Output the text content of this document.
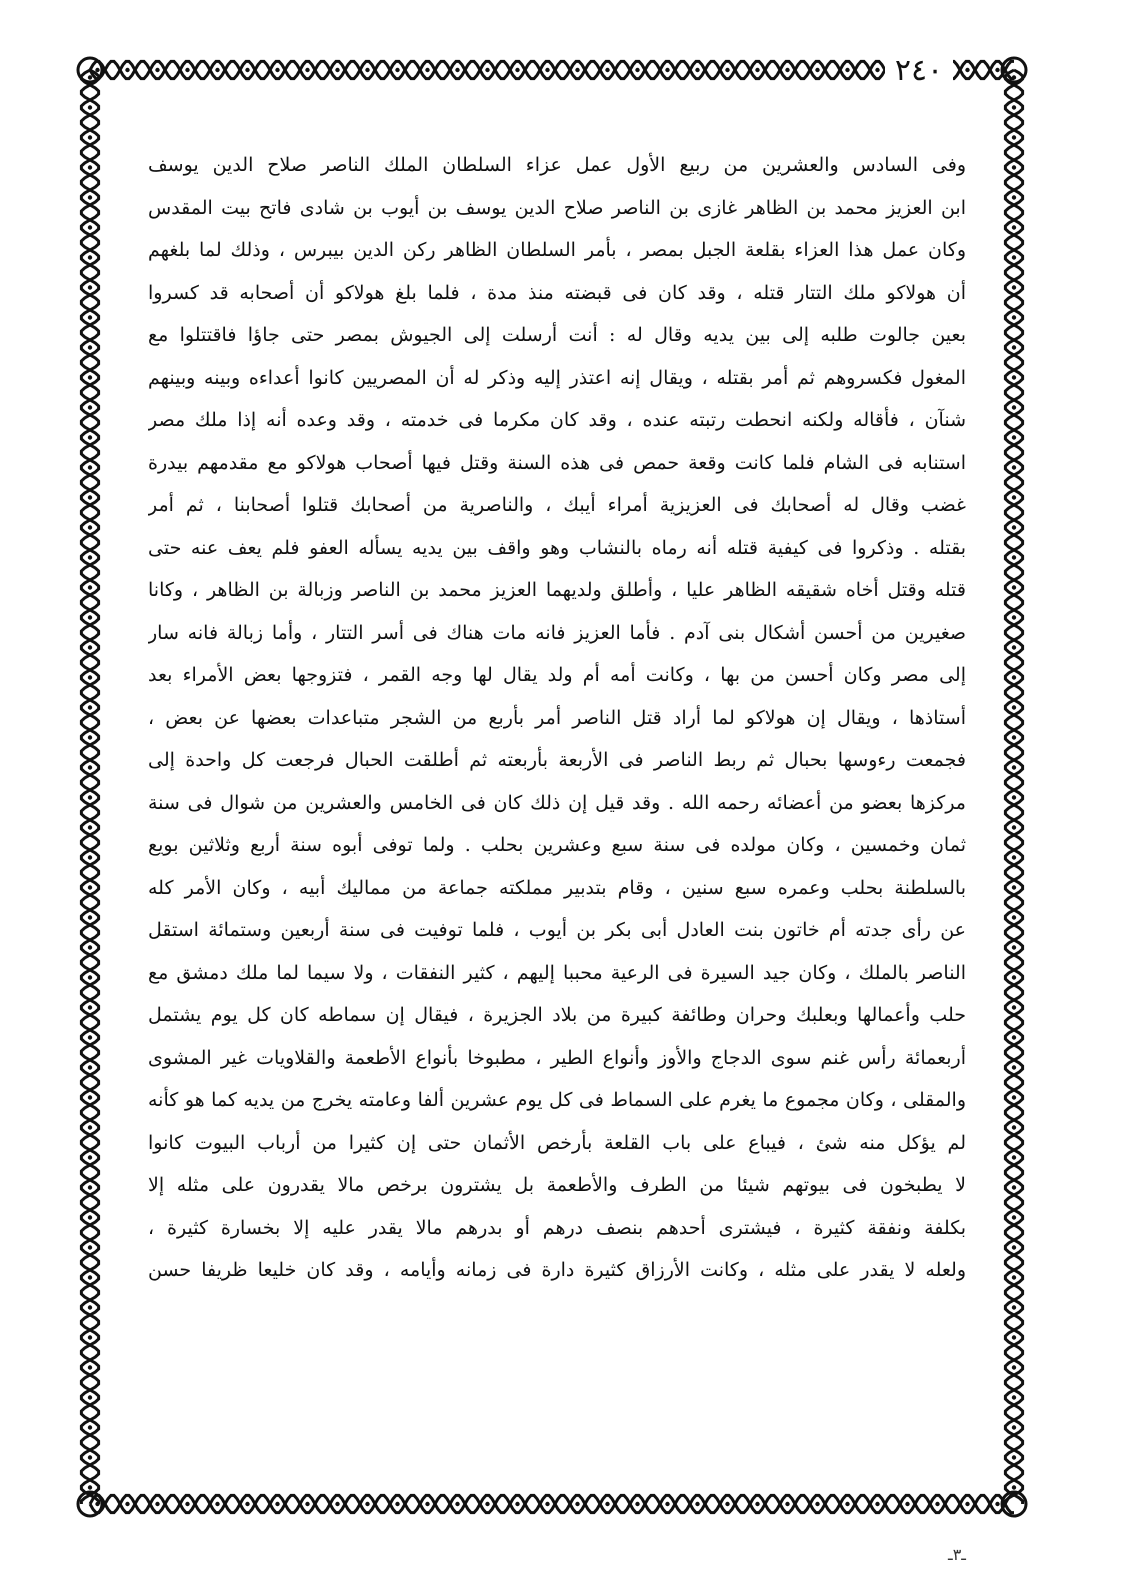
٢٤٠
وفى السادس والعشرين من ربيع الأول عمل عزاء السلطان الملك الناصر صلاح الدين يوسف
ابن العزيز محمد بن الظاهر غازى بن الناصر صلاح الدين يوسف بن أيوب بن شادى فاتح بيت المقدس
وكان عمل هذا العزاء بقلعة الجبل بمصر ، بأمر السلطان الظاهر ركن الدين بيبرس ، وذلك لما بلغهم
أن هولاكو ملك التتار قتله ، وقد كان فى قبضته منذ مدة ، فلما بلغ هولاكو أن أصحابه قد كسروا
بعين جالوت طلبه إلى بين يديه وقال له : أنت أرسلت إلى الجيوش بمصر حتى جاؤا فاقتتلوا مع
المغول فكسروهم ثم أمر بقتله ، ويقال إنه اعتذر إليه وذكر له أن المصريين كانوا أعداءه وبينه وبينهم
شنآن ، فأقاله ولكنه انحطت رتبته عنده ، وقد كان مكرما فى خدمته ، وقد وعده أنه إذا ملك مصر
استنابه فى الشام فلما كانت وقعة حمص فى هذه السنة وقتل فيها أصحاب هولاكو مع مقدمهم بيدرة
غضب وقال له أصحابك فى العزيزية أمراء أيبك ، والناصرية من أصحابك قتلوا أصحابنا ، ثم أمر
بقتله . وذكروا فى كيفية قتله أنه رماه بالنشاب وهو واقف بين يديه يسأله العفو فلم يعف عنه حتى
قتله وقتل أخاه شقيقه الظاهر عليا ، وأطلق ولديهما العزيز محمد بن الناصر وزبالة بن الظاهر ، وكانا
صغيرين من أحسن أشكال بنى آدم . فأما العزيز فانه مات هناك فى أسر التتار ، وأما زبالة فانه سار
إلى مصر وكان أحسن من بها ، وكانت أمه أم ولد يقال لها وجه القمر ، فتزوجها بعض الأمراء بعد
أستاذها ، ويقال إن هولاكو لما أراد قتل الناصر أمر بأربع من الشجر متباعدات بعضها عن بعض ،
فجمعت رءوسها بحبال ثم ربط الناصر فى الأربعة بأربعته ثم أطلقت الحبال فرجعت كل واحدة إلى
مركزها بعضو من أعضائه رحمه الله . وقد قيل إن ذلك كان فى الخامس والعشرين من شوال فى سنة
ثمان وخمسين ، وكان مولده فى سنة سبع وعشرين بحلب . ولما توفى أبوه سنة أربع وثلاثين بويع
بالسلطنة بحلب وعمره سبع سنين ، وقام بتدبير مملكته جماعة من مماليك أبيه ، وكان الأمر كله
عن رأى جدته أم خاتون بنت العادل أبى بكر بن أيوب ، فلما توفيت فى سنة أربعين وستمائة استقل
الناصر بالملك ، وكان جيد السيرة فى الرعية محببا إليهم ، كثير النفقات ، ولا سيما لما ملك دمشق مع
حلب وأعمالها وبعلبك وحران وطائفة كبيرة من بلاد الجزيرة ، فيقال إن سماطه كان كل يوم يشتمل
أربعمائة رأس غنم سوى الدجاج والأوز وأنواع الطير ، مطبوخا بأنواع الأطعمة والقلاويات غير المشوى
والمقلى ، وكان مجموع ما يغرم على السماط فى كل يوم عشرين ألفا وعامته يخرج من يديه كما هو كأنه
لم يؤكل منه شئ ، فيباع على باب القلعة بأرخص الأثمان حتى إن كثيرا من أرباب البيوت كانوا
لا يطبخون فى بيوتهم شيئا من الطرف والأطعمة بل يشترون برخص مالا يقدرون على مثله إلا
بكلفة ونفقة كثيرة ، فيشترى أحدهم بنصف درهم أو بدرهم مالا يقدر عليه إلا بخسارة كثيرة ،
ولعله لا يقدر على مثله ، وكانت الأرزاق كثيرة دارة فى زمانه وأيامه ، وقد كان خليعا ظريفا حسن
ـ٣ـ
